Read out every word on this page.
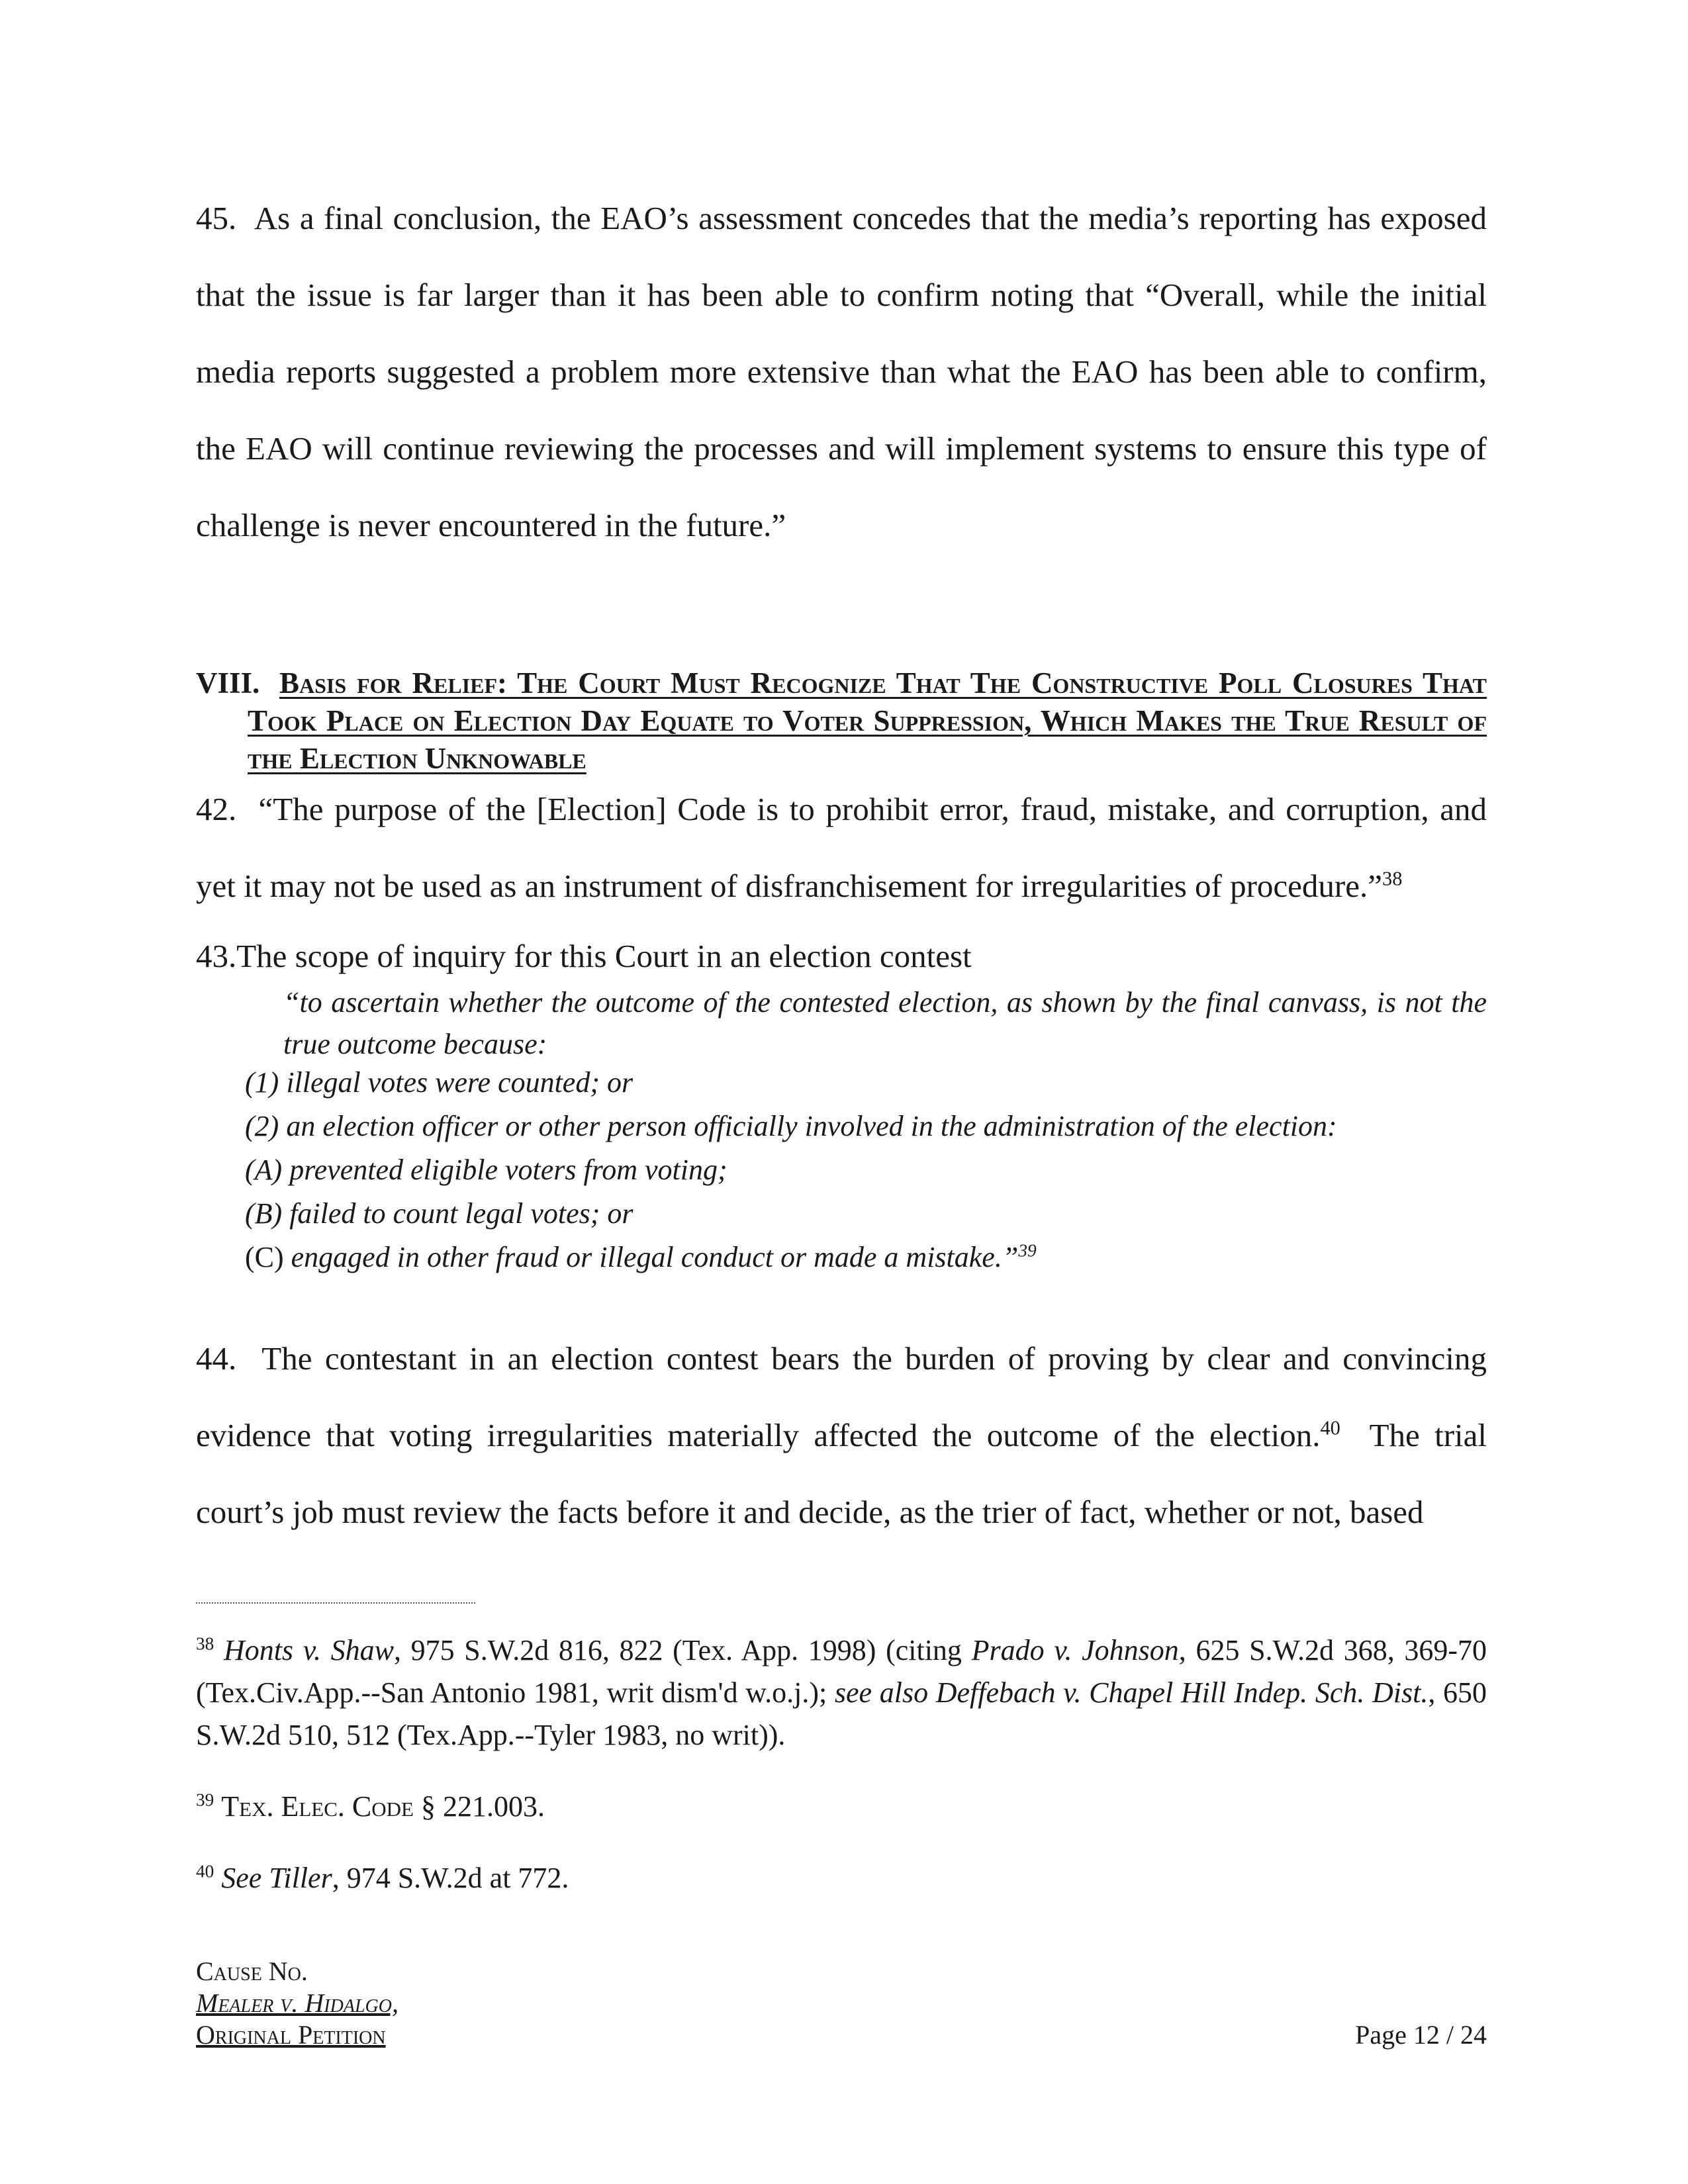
45. As a final conclusion, the EAO’s assessment concedes that the media’s reporting has exposed that the issue is far larger than it has been able to confirm noting that “Overall, while the initial media reports suggested a problem more extensive than what the EAO has been able to confirm, the EAO will continue reviewing the processes and will implement systems to ensure this type of challenge is never encountered in the future.”
VIII. Basis for Relief: The Court Must Recognize That The Constructive Poll Closures That Took Place on Election Day Equate to Voter Suppression, Which Makes the True Result of the Election Unknowable
42. “The purpose of the [Election] Code is to prohibit error, fraud, mistake, and corruption, and yet it may not be used as an instrument of disfranchisement for irregularities of procedure.”$^{38}$
43.The scope of inquiry for this Court in an election contest
“to ascertain whether the outcome of the contested election, as shown by the final canvass, is not the true outcome because:
(1) illegal votes were counted; or
(2) an election officer or other person officially involved in the administration of the election:
(A) prevented eligible voters from voting;
(B) failed to count legal votes; or
(C) engaged in other fraud or illegal conduct or made a mistake.”$^{39}$
44. The contestant in an election contest bears the burden of proving by clear and convincing evidence that voting irregularities materially affected the outcome of the election.$^{40}$  The trial court’s job must review the facts before it and decide, as the trier of fact, whether or not, based
$^{38}$ Honts v. Shaw, 975 S.W.2d 816, 822 (Tex. App. 1998) (citing Prado v. Johnson, 625 S.W.2d 368, 369-70 (Tex.Civ.App.--San Antonio 1981, writ dism'd w.o.j.); see also Deffebach v. Chapel Hill Indep. Sch. Dist., 650 S.W.2d 510, 512 (Tex.App.--Tyler 1983, no writ)).
$^{39}$ Tex. Elec. Code § 221.003.
$^{40}$ See Tiller, 974 S.W.2d at 772.
Cause No.
Mealer v. Hidalgo,
Original Petition	Page 12 / 24
